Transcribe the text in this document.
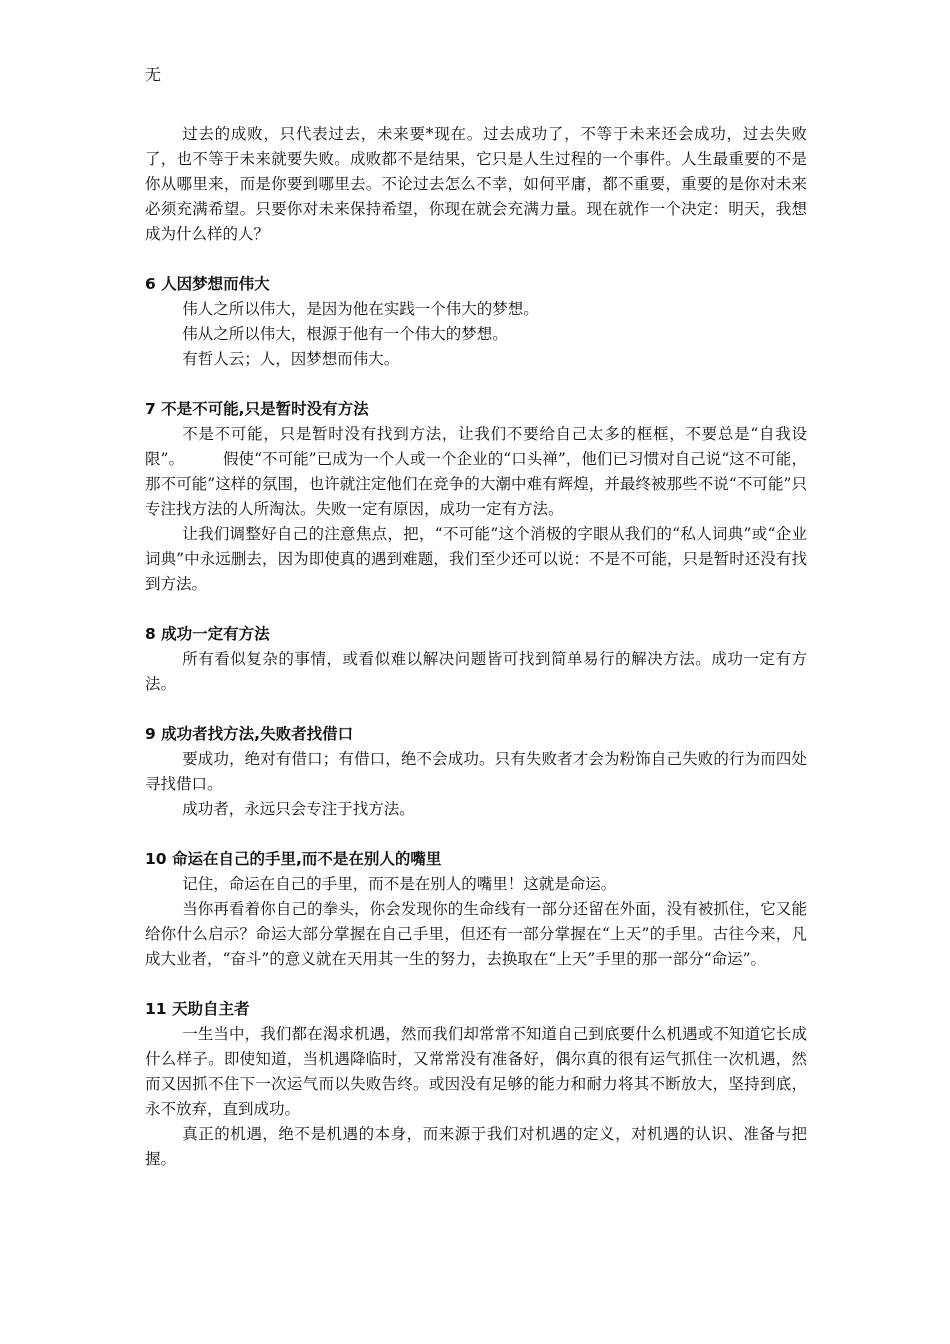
无

过去的成败，只代表过去，未来要*现在。过去成功了，不等于未来还会成功，过去失败了，也不等于未来就要失败。成败都不是结果，它只是人生过程的一个事件。人生最重要的不是你从哪里来，而是你要到哪里去。不论过去怎么不幸，如何平庸，都不重要，重要的是你对未来必须充满希望。只要你对未来保持希望，你现在就会充满力量。现在就作一个决定：明天，我想成为什么样的人？

6 人因梦想而伟大

伟人之所以伟大，是因为他在实践一个伟大的梦想。

伟从之所以伟大，根源于他有一个伟大的梦想。

有哲人云；人，因梦想而伟大。

7 不是不可能,只是暂时没有方法

不是不可能，只是暂时没有找到方法，让我们不要给自己太多的框框，不要总是“自我设限”。　　　假使“不可能”已成为一个人或一个企业的“口头禅”，他们已习惯对自己说“这不可能，那不可能”这样的氛围，也许就注定他们在竞争的大潮中难有辉煌，并最终被那些不说“不可能”只专注找方法的人所淘汰。失败一定有原因，成功一定有方法。

让我们调整好自己的注意焦点，把，“不可能”这个消极的字眼从我们的“私人词典”或“企业词典”中永远删去，因为即使真的遇到难题，我们至少还可以说：不是不可能，只是暂时还没有找到方法。

8 成功一定有方法

所有看似复杂的事情，或看似难以解决问题皆可找到简单易行的解决方法。成功一定有方法。

9 成功者找方法,失败者找借口

要成功，绝对有借口；有借口，绝不会成功。只有失败者才会为粉饰自己失败的行为而四处寻找借口。

成功者，永远只会专注于找方法。

10 命运在自己的手里,而不是在别人的嘴里

记住，命运在自己的手里，而不是在别人的嘴里！这就是命运。

当你再看着你自己的拳头，你会发现你的生命线有一部分还留在外面，没有被抓住，它又能给你什么启示？命运大部分掌握在自己手里，但还有一部分掌握在“上天”的手里。古往今来，凡成大业者，“奋斗”的意义就在天用其一生的努力，去换取在“上天”手里的那一部分“命运”。

11 天助自主者

一生当中，我们都在渴求机遇，然而我们却常常不知道自己到底要什么机遇或不知道它长成什么样子。即使知道，当机遇降临时，又常常没有准备好，偶尔真的很有运气抓住一次机遇，然而又因抓不住下一次运气而以失败告终。或因没有足够的能力和耐力将其不断放大，坚持到底，永不放弃，直到成功。

真正的机遇，绝不是机遇的本身，而来源于我们对机遇的定义，对机遇的认识、准备与把握。
